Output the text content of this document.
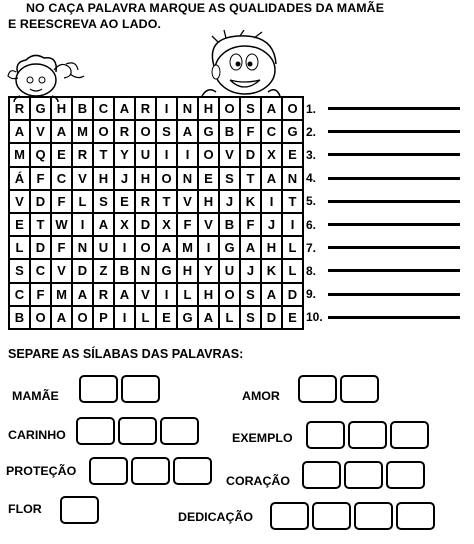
NO CAÇA PALAVRA MARQUE AS QUALIDADES DA MAMÃE
E REESCREVA AO LADO.
R G H B C A R	I	N H O S A O
A V A M O R O S A G B F C G
M Q E R T Y U	I	I	O V D X E
Á F C V H J H O N E S T A N
V D F	L S E R T V H J K	I	T
E T W	I	A X D X F V B F	J	I
L D F N U	I	O A M	I	G A H L
S C V D Z B N G H Y U J K L
C F M A R A V	I	L H O S A D
B O A O P	I	L E G A L S D E
1.
2.
3.
4.
5.
6.
7.
8.
9.
10.
SEPARE AS SÍLABAS DAS PALAVRAS:
MAMÃE	AMOR
CARINHO	EXEMPLO
PROTEÇÃO
CORAÇÃO
FLOR
DEDICAÇÃO
